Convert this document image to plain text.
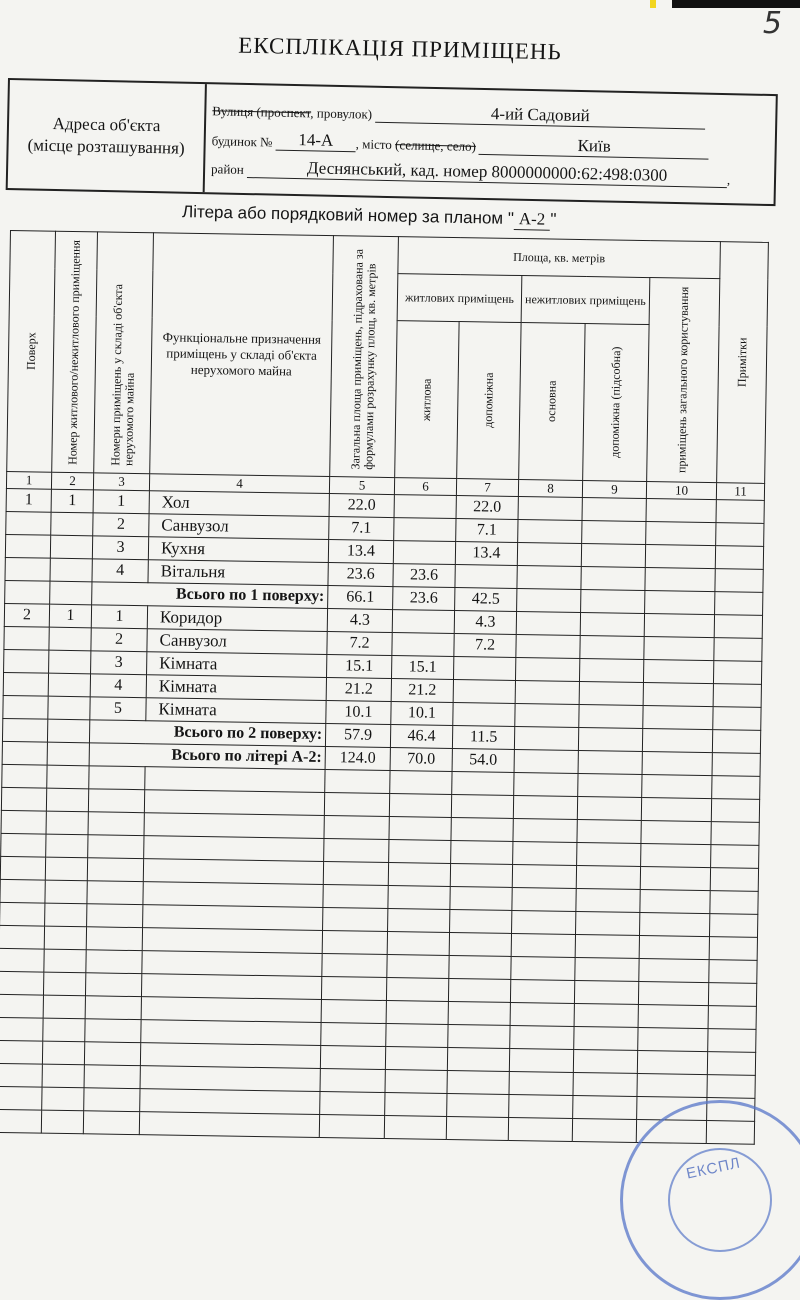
5
ЕКСПЛІКАЦІЯ ПРИМІЩЕНЬ
Адреса об'єкта
(місце розташування)
Вулиця (проспект, провулок)	4-ий Садовий
будинок № 14-А , місто (селище, село)	Київ
район	Деснянський, кад. номер 8000000000:62:498:0300	,
Літера або порядковий номер за планом " А-2 "
Поверх	Номер житлового/нежитлового приміщення	Номери приміщень у складі об'єкта нерухомого майна	Функціональне призначення приміщень у складі об'єкта нерухомого майна	Загальна площа приміщень, підрахована за формулами розрахунку площ, кв. метрів	Площа, кв. метрів					Примітки

					житлових приміщень		нежитлових приміщень		приміщень загального користування	

					житлова	допоміжна	основна	допоміжна (підсобна)		

1	2	3	4	5	6	7	8	9	10	11
1	1	1	Хол	22.0		22.0				
		2	Санвузол	7.1		7.1				
		3	Кухня	13.4		13.4				
		4	Вітальня	23.6	23.6					
		Всього по 1 поверху:		66.1	23.6	42.5				
2	1	1	Коридор	4.3		4.3				
		2	Санвузол	7.2		7.2				
		3	Кімната	15.1	15.1					
		4	Кімната	21.2	21.2					
		5	Кімната	10.1	10.1					
		Всього по 2 поверху:		57.9	46.4	11.5				
		Всього по літері А-2:		124.0	70.0	54.0				

ЕКСПЛ
